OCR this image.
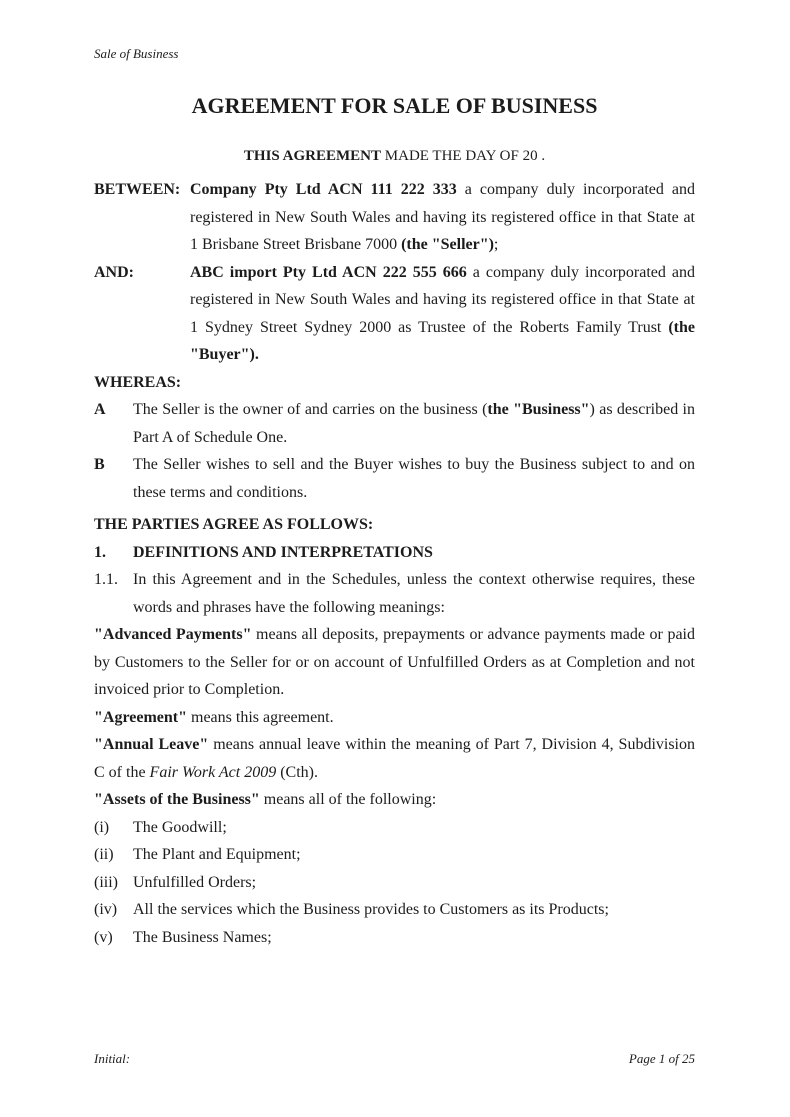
Sale of Business

AGREEMENT FOR SALE OF BUSINESS

THIS AGREEMENT MADE THE DAY OF 20 .

BETWEEN: Company Pty Ltd ACN 111 222 333 a company duly incorporated and registered in New South Wales and having its registered office in that State at 1 Brisbane Street Brisbane 7000 (the "Seller");

AND:	ABC import Pty Ltd ACN 222 555 666 a company duly incorporated and registered in New South Wales and having its registered office in that State at 1 Sydney Street Sydney 2000 as Trustee of the Roberts Family Trust (the "Buyer").

WHEREAS:

A The Seller is the owner of and carries on the business (the "Business") as described in Part A of Schedule One.

B The Seller wishes to sell and the Buyer wishes to buy the Business subject to and on these terms and conditions.

THE PARTIES AGREE AS FOLLOWS:

1. DEFINITIONS AND INTERPRETATIONS

1.1. In this Agreement and in the Schedules, unless the context otherwise requires, these words and phrases have the following meanings:

"Advanced Payments" means all deposits, prepayments or advance payments made or paid by Customers to the Seller for or on account of Unfulfilled Orders as at Completion and not invoiced prior to Completion.

"Agreement" means this agreement.

"Annual Leave" means annual leave within the meaning of Part 7, Division 4, Subdivision C of the Fair Work Act 2009 (Cth).

"Assets of the Business" means all of the following:

(i) The Goodwill;

(ii) The Plant and Equipment;

(iii) Unfulfilled Orders;

(iv) All the services which the Business provides to Customers as its Products;

(v) The Business Names;

Initial:	Page 1 of 25
